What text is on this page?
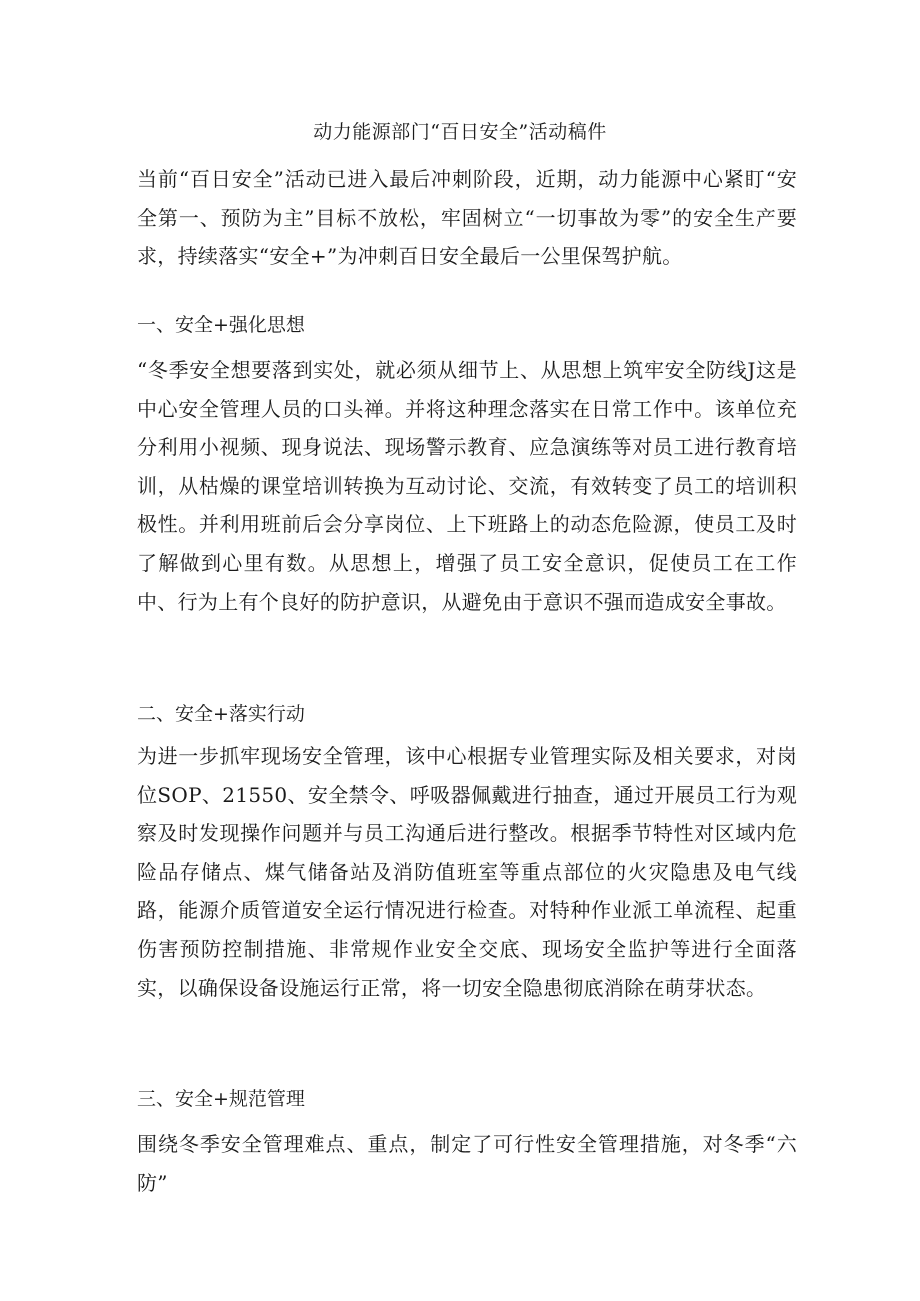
动力能源部门“百日安全”活动稿件

当前“百日安全”活动已进入最后冲刺阶段，近期，动力能源中心紧盯“安全第一、预防为主”目标不放松，牢固树立“一切事故为零”的安全生产要求，持续落实“安全+”为冲刺百日安全最后一公里保驾护航。

一、安全+强化思想

“冬季安全想要落到实处，就必须从细节上、从思想上筑牢安全防线J这是中心安全管理人员的口头禅。并将这种理念落实在日常工作中。该单位充分利用小视频、现身说法、现场警示教育、应急演练等对员工进行教育培训，从枯燥的课堂培训转换为互动讨论、交流，有效转变了员工的培训积极性。并利用班前后会分享岗位、上下班路上的动态危险源，使员工及时了解做到心里有数。从思想上，增强了员工安全意识，促使员工在工作中、行为上有个良好的防护意识，从避免由于意识不强而造成安全事故。

二、安全+落实行动

为进一步抓牢现场安全管理，该中心根据专业管理实际及相关要求，对岗位SOP、21550、安全禁令、呼吸器佩戴进行抽查，通过开展员工行为观察及时发现操作问题并与员工沟通后进行整改。根据季节特性对区域内危险品存储点、煤气储备站及消防值班室等重点部位的火灾隐患及电气线路，能源介质管道安全运行情况进行检查。对特种作业派工单流程、起重伤害预防控制措施、非常规作业安全交底、现场安全监护等进行全面落实，以确保设备设施运行正常，将一切安全隐患彻底消除在萌芽状态。

三、安全+规范管理

围绕冬季安全管理难点、重点，制定了可行性安全管理措施，对冬季“六防”
